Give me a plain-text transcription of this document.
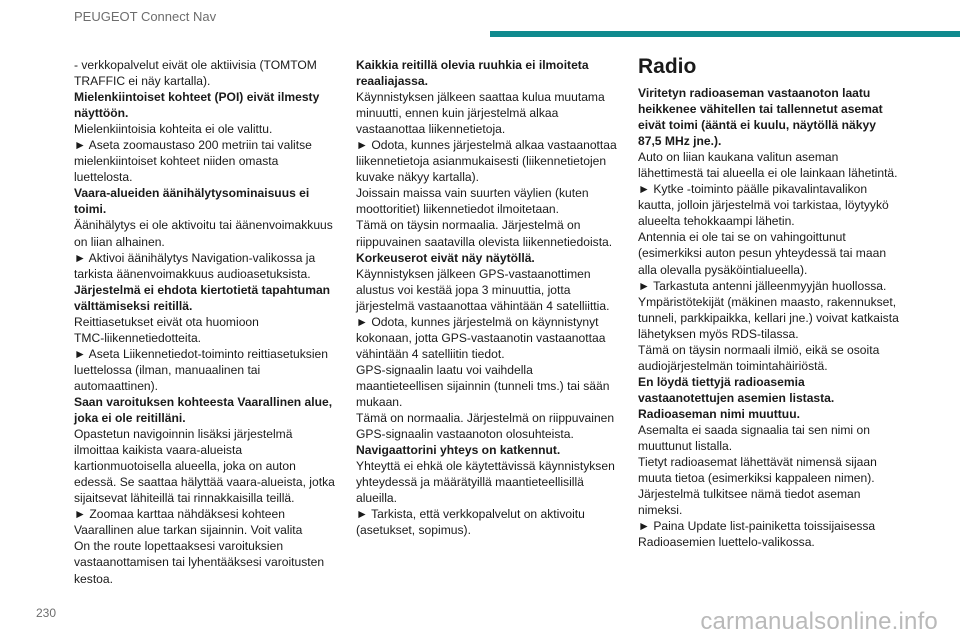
PEUGEOT Connect Nav
- verkkopalvelut eivät ole aktiivisia (TOMTOM
TRAFFIC ei näy kartalla).
Mielenkiintoiset kohteet (POI) eivät ilmesty
näyttöön.
Mielenkiintoisia kohteita ei ole valittu.
► Aseta zoomaustaso 200 metriin tai valitse
mielenkiintoiset kohteet niiden omasta
luettelosta.
Vaara-alueiden äänihälytysominaisuus ei
toimi.
Äänihälytys ei ole aktivoitu tai äänenvoimakkuus
on liian alhainen.
► Aktivoi äänihälytys Navigation-valikossa ja
tarkista äänenvoimakkuus audioasetuksista.
Järjestelmä ei ehdota kiertotietä tapahtuman
välttämiseksi reitillä.
Reittiasetukset eivät ota huomioon
TMC-liikennetiedotteita.
► Aseta Liikennetiedot-toiminto reittiasetuksien
luettelossa (ilman, manuaalinen tai
automaattinen).
Saan varoituksen kohteesta Vaarallinen alue,
joka ei ole reitilläni.
Opastetun navigoinnin lisäksi järjestelmä
ilmoittaa kaikista vaara-alueista
kartionmuotoisella alueella, joka on auton
edessä. Se saattaa hälyttää vaara-alueista, jotka
sijaitsevat lähiteillä tai rinnakkaisilla teillä.
► Zoomaa karttaa nähdäksesi kohteen
Vaarallinen alue tarkan sijainnin. Voit valita
On the route lopettaaksesi varoituksien
vastaanottamisen tai lyhentääksesi varoitusten
kestoa.
Kaikkia reitillä olevia ruuhkia ei ilmoiteta
reaaliajassa.
Käynnistyksen jälkeen saattaa kulua muutama
minuutti, ennen kuin järjestelmä alkaa
vastaanottaa liikennetietoja.
► Odota, kunnes järjestelmä alkaa vastaanottaa
liikennetietoja asianmukaisesti (liikennetietojen
kuvake näkyy kartalla).
Joissain maissa vain suurten väylien (kuten
moottoritiet) liikennetiedot ilmoitetaan.
Tämä on täysin normaalia. Järjestelmä on
riippuvainen saatavilla olevista liikennetiedoista.
Korkeuserot eivät näy näytöllä.
Käynnistyksen jälkeen GPS-vastaanottimen
alustus voi kestää jopa 3 minuuttia, jotta
järjestelmä vastaanottaa vähintään 4 satelliittia.
► Odota, kunnes järjestelmä on käynnistynyt
kokonaan, jotta GPS-vastaanotin vastaanottaa
vähintään 4 satelliitin tiedot.
GPS-signaalin laatu voi vaihdella
maantieteellisen sijainnin (tunneli tms.) tai sään
mukaan.
Tämä on normaalia. Järjestelmä on riippuvainen
GPS-signaalin vastaanoton olosuhteista.
Navigaattorini yhteys on katkennut.
Yhteyttä ei ehkä ole käytettävissä käynnistyksen
yhteydessä ja määrätyillä maantieteellisillä
alueilla.
► Tarkista, että verkkopalvelut on aktivoitu
(asetukset, sopimus).
Radio
Viritetyn radioaseman vastaanoton laatu
heikkenee vähitellen tai tallennetut asemat
eivät toimi (ääntä ei kuulu, näytöllä näkyy
87,5 MHz jne.).
Auto on liian kaukana valitun aseman
lähettimestä tai alueella ei ole lainkaan lähetintä.
► Kytke -toiminto päälle pikavalintavalikon
kautta, jolloin järjestelmä voi tarkistaa, löytyykö
alueelta tehokkaampi lähetin.
Antennia ei ole tai se on vahingoittunut
(esimerkiksi auton pesun yhteydessä tai maan
alla olevalla pysäköintialueella).
► Tarkastuta antenni jälleenmyyjän huollossa.
Ympäristötekijät (mäkinen maasto, rakennukset,
tunneli, parkkipaikka, kellari jne.) voivat katkaista
lähetyksen myös RDS-tilassa.
Tämä on täysin normaali ilmiö, eikä se osoita
audiojärjestelmän toimintahäiriöstä.
En löydä tiettyjä radioasemia
vastaanotettujen asemien listasta.
Radioaseman nimi muuttuu.
Asemalta ei saada signaalia tai sen nimi on
muuttunut listalla.
Tietyt radioasemat lähettävät nimensä sijaan
muuta tietoa (esimerkiksi kappaleen nimen).
Järjestelmä tulkitsee nämä tiedot aseman
nimeksi.
► Paina Update list-painiketta toissijaisessa
Radioasemien luettelo-valikossa.
230	carmanualsonline.info
